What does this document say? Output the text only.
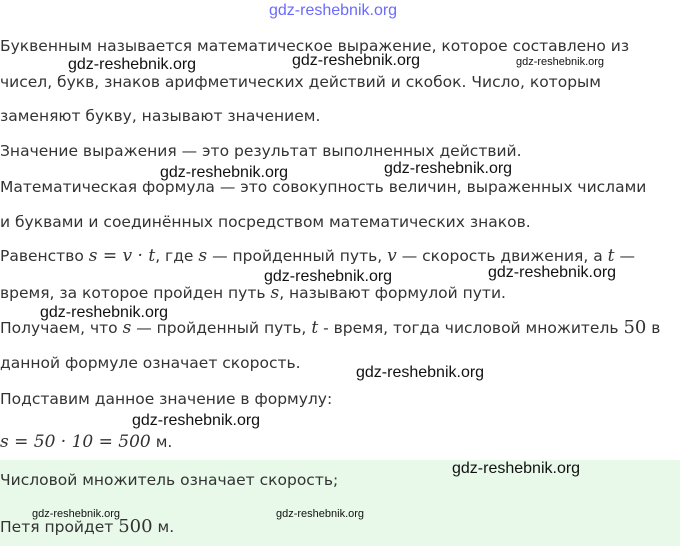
gdz-reshebnik.org

Буквенным называется математическое выражение, которое составлено из

чисел, букв, знаков арифметических действий и скобок. Число, которым

заменяют букву, называют значением.

Значение выражения — это результат выполненных действий.

Математическая формула — это совокупность величин, выраженных числами

и буквами и соединённых посредством математических знаков.

Равенство s = v · t, где s — пройденный путь, v — скорость движения, а t —

время, за которое пройден путь s, называют формулой пути.

Получаем, что s — пройденный путь, t - время, тогда числовой множитель 50 в

данной формуле означает скорость.

Подставим данное значение в формулу:

s = 50 · 10 = 500 м.

Числовой множитель означает скорость;

Петя пройдет 500 м.

gdz-reshebnik.org	gdz-reshebnik.org	gdz-reshebnik.org
gdz-reshebnik.org
gdz-reshebnik.org
gdz-reshebnik.org	gdz-reshebnik.org
gdz-reshebnik.org
gdz-reshebnik.org
gdz-reshebnik.org
gdz-reshebnik.org
gdz-reshebnik.org	gdz-reshebnik.org
